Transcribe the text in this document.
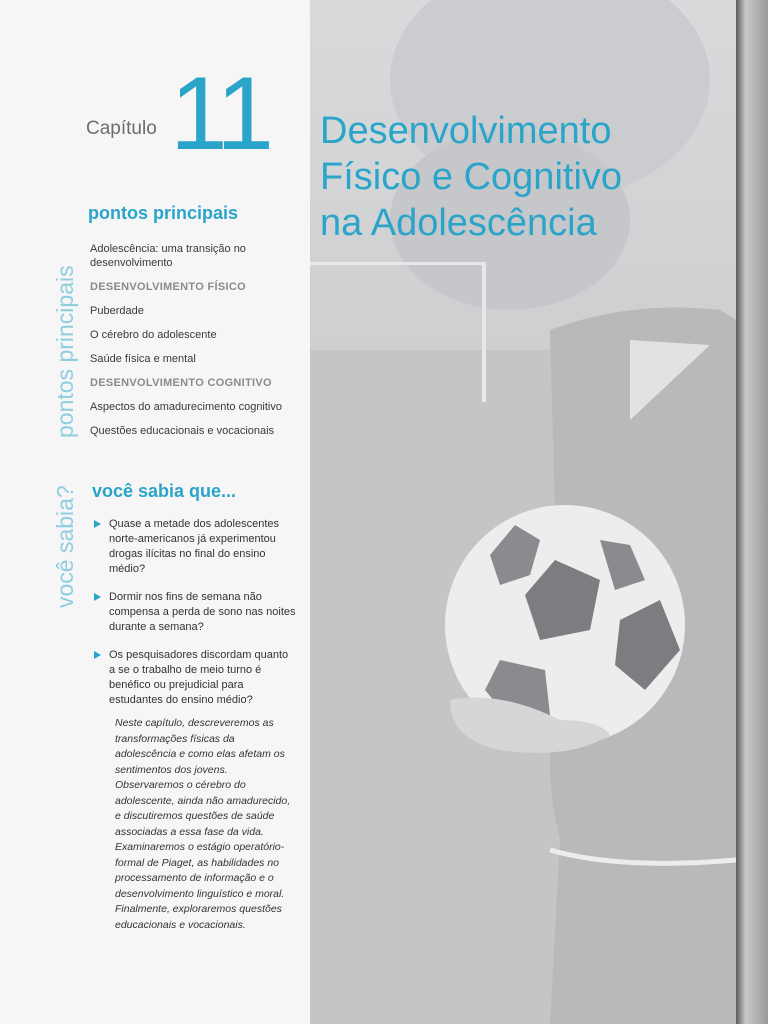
Capítulo 11 Desenvolvimento
Físico e Cognitivo
na Adolescência
pontos principais
você sabia?
pontos principais
Adolescência: uma transição no desenvolvimento
DESENVOLVIMENTO FÍSICO
Puberdade
O cérebro do adolescente
Saúde física e mental
DESENVOLVIMENTO COGNITIVO
Aspectos do amadurecimento cognitivo
Questões educacionais e vocacionais
você sabia que...
Quase a metade dos adolescentes norte-americanos já experimentou drogas ilícitas no final do ensino médio?
Dormir nos fins de semana não compensa a perda de sono nas noites durante a semana?
Os pesquisadores discordam quanto a se o trabalho de meio turno é benéfico ou prejudicial para estudantes do ensino médio?
Neste capítulo, descreveremos as transformações físicas da adolescência e como elas afetam os sentimentos dos jovens. Observaremos o cérebro do adolescente, ainda não amadurecido, e discutiremos questões de saúde associadas a essa fase da vida. Examinaremos o estágio operatório-formal de Piaget, as habilidades no processamento de informação e o desenvolvimento linguístico e moral. Finalmente, exploraremos questões educacionais e vocacionais.
